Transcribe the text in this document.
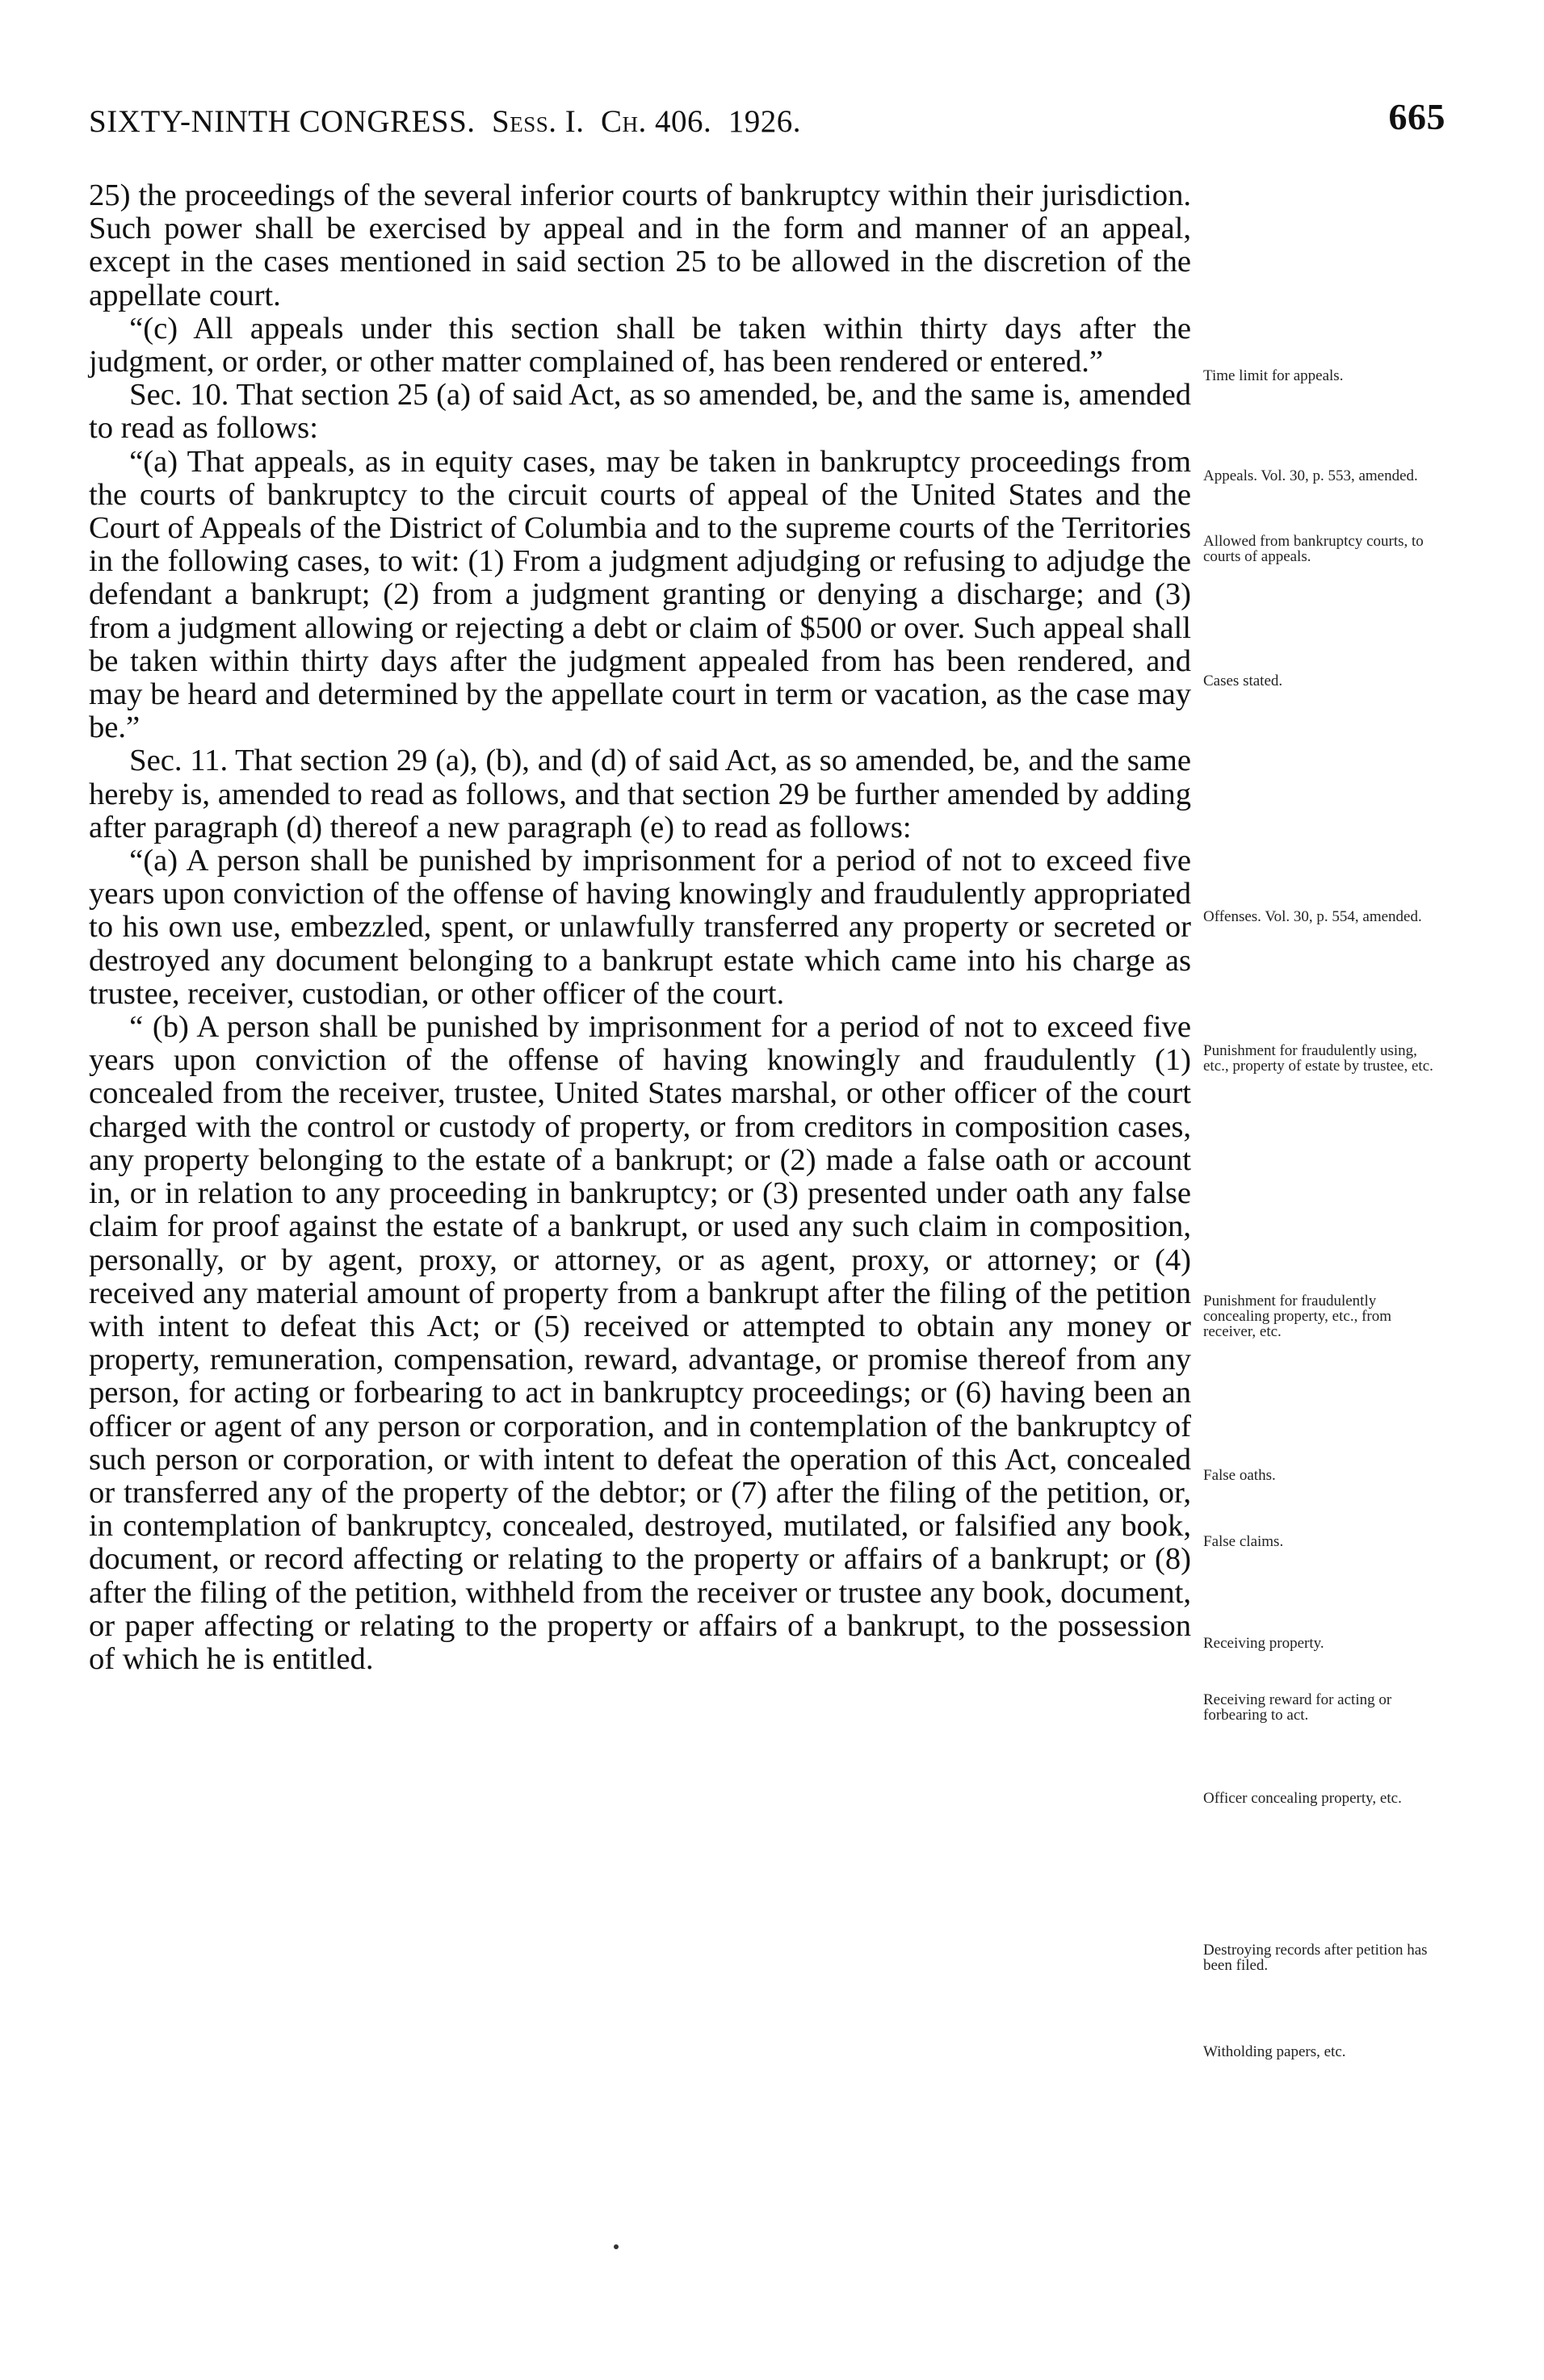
SIXTY-NINTH CONGRESS. Sess. I. Ch. 406. 1926.	665

25) the proceedings of the several inferior courts of bankruptcy within their jurisdiction. Such power shall be exercised by appeal and in the form and manner of an appeal, except in the cases mentioned in said section 25 to be allowed in the discretion of the appellate court.

“(c) All appeals under this section shall be taken within thirty days after the judgment, or order, or other matter complained of, has been rendered or entered.”

Sec. 10. That section 25 (a) of said Act, as so amended, be, and the same is, amended to read as follows:

“(a) That appeals, as in equity cases, may be taken in bankruptcy proceedings from the courts of bankruptcy to the circuit courts of appeal of the United States and the Court of Appeals of the District of Columbia and to the supreme courts of the Territories in the following cases, to wit: (1) From a judgment adjudging or refusing to adjudge the defendant a bankrupt; (2) from a judgment granting or denying a discharge; and (3) from a judgment allowing or rejecting a debt or claim of $500 or over. Such appeal shall be taken within thirty days after the judgment appealed from has been rendered, and may be heard and determined by the appellate court in term or vacation, as the case may be.”

Sec. 11. That section 29 (a), (b), and (d) of said Act, as so amended, be, and the same hereby is, amended to read as follows, and that section 29 be further amended by adding after paragraph (d) thereof a new paragraph (e) to read as follows:

“(a) A person shall be punished by imprisonment for a period of not to exceed five years upon conviction of the offense of having knowingly and fraudulently appropriated to his own use, embezzled, spent, or unlawfully transferred any property or secreted or destroyed any document belonging to a bankrupt estate which came into his charge as trustee, receiver, custodian, or other officer of the court.

“ (b) A person shall be punished by imprisonment for a period of not to exceed five years upon conviction of the offense of having knowingly and fraudulently (1) concealed from the receiver, trustee, United States marshal, or other officer of the court charged with the control or custody of property, or from creditors in composition cases, any property belonging to the estate of a bankrupt; or (2) made a false oath or account in, or in relation to any proceeding in bankruptcy; or (3) presented under oath any false claim for proof against the estate of a bankrupt, or used any such claim in composition, personally, or by agent, proxy, or attorney, or as agent, proxy, or attorney; or (4) received any material amount of property from a bankrupt after the filing of the petition with intent to defeat this Act; or (5) received or attempted to obtain any money or property, remuneration, compensation, reward, advantage, or promise thereof from any person, for acting or forbearing to act in bankruptcy proceedings; or (6) having been an officer or agent of any person or corporation, and in contemplation of the bankruptcy of such person or corporation, or with intent to defeat the operation of this Act, concealed or transferred any of the property of the debtor; or (7) after the filing of the petition, or, in contemplation of bankruptcy, concealed, destroyed, mutilated, or falsified any book, document, or record affecting or relating to the property or affairs of a bankrupt; or (8) after the filing of the petition, withheld from the receiver or trustee any book, document, or paper affecting or relating to the property or affairs of a bankrupt, to the possession of which he is entitled.

Time limit for appeals.
Appeals. Vol. 30, p. 553, amended.
Allowed from bankruptcy courts, to courts of appeals.
Cases stated.
Offenses. Vol. 30, p. 554, amended.
Punishment for fraudulently using, etc., property of estate by trustee, etc.
Punishment for fraudulently concealing property, etc., from receiver, etc.
False oaths.
False claims.
Receiving property.
Receiving reward for acting or forbearing to act.
Officer concealing property, etc.
Destroying records after petition has been filed.
Witholding papers, etc.
